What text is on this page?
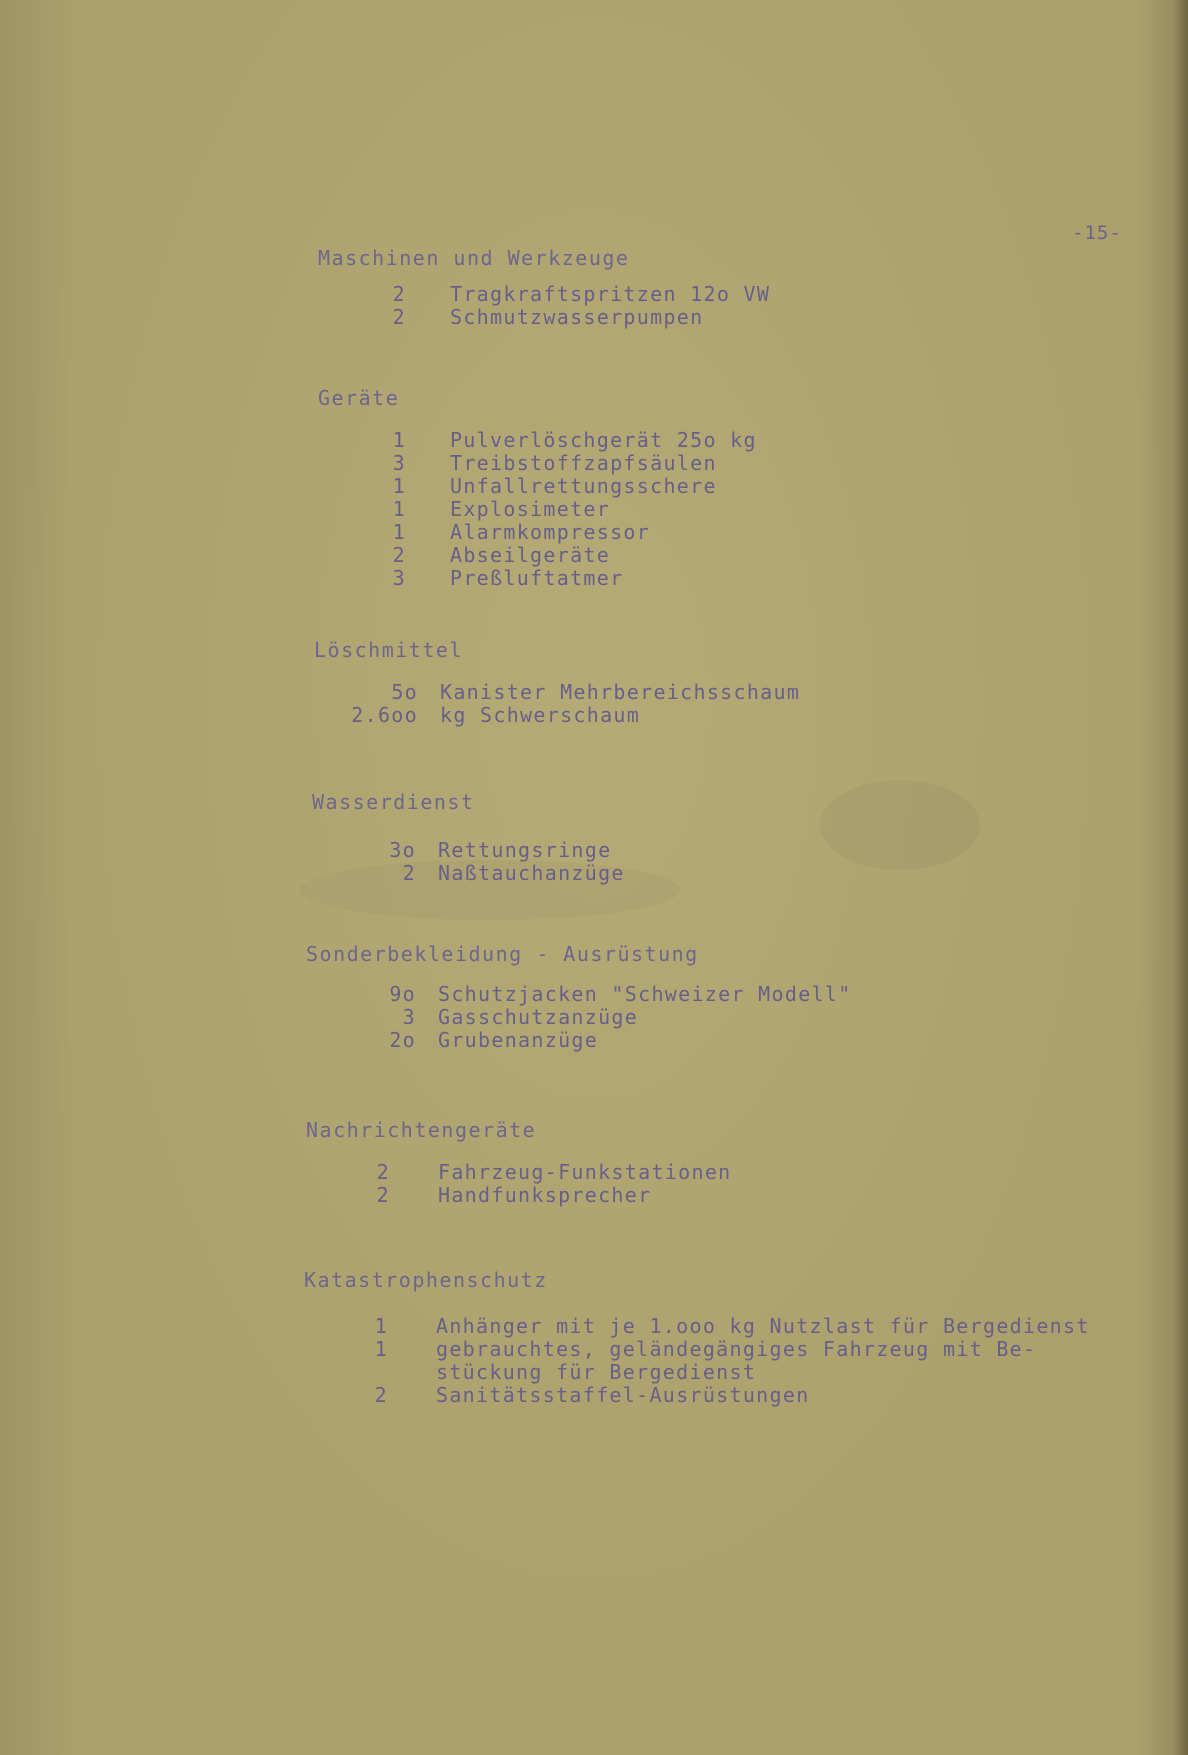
-15-
Maschinen und Werkzeuge
2 Tragkraftspritzen 12o VW
2 Schmutzwasserpumpen
Geräte
1 Pulverlöschgerät 25o kg
3 Treibstoffzapfsäulen
1 Unfallrettungsschere
1 Explosimeter
1 Alarmkompressor
2 Abseilgeräte
3 Preßluftatmer
Löschmittel
5o Kanister Mehrbereichsschaum
2.6oo kg Schwerschaum
Wasserdienst
3o Rettungsringe
2 Naßtauchanzüge
Sonderbekleidung - Ausrüstung
9o Schutzjacken "Schweizer Modell"
3 Gasschutzanzüge
2o Grubenanzüge
Nachrichtengeräte
2 Fahrzeug-Funkstationen
2 Handfunksprecher
Katastrophenschutz
1 Anhänger mit je 1.ooo kg Nutzlast für Bergedienst
1 gebrauchtes, geländegängiges Fahrzeug mit Be-
stückung für Bergedienst
2 Sanitätsstaffel-Ausrüstungen
